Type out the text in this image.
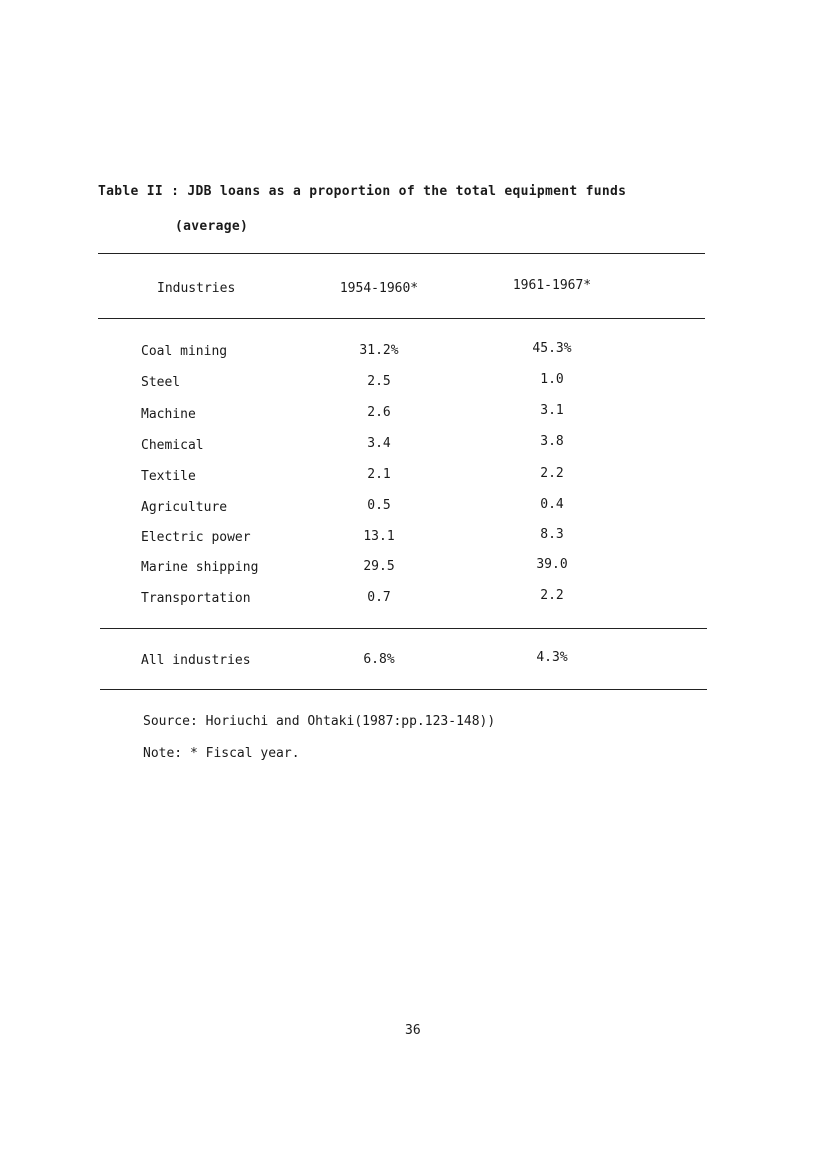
Table II : JDB loans as a proportion of the total equipment funds
(average)
Industries	1954-1960*	1961-1967*
Coal mining	31.2%	45.3%
Steel	2.5	1.0
Machine	2.6	3.1
Chemical	3.4	3.8
Textile	2.1	2.2
Agriculture	0.5	0.4
Electric power	13.1	8.3
Marine shipping	29.5	39.0
Transportation	0.7	2.2
All industries	6.8%	4.3%
Source: Horiuchi and Ohtaki(1987:pp.123-148))
Note: * Fiscal year.
36
